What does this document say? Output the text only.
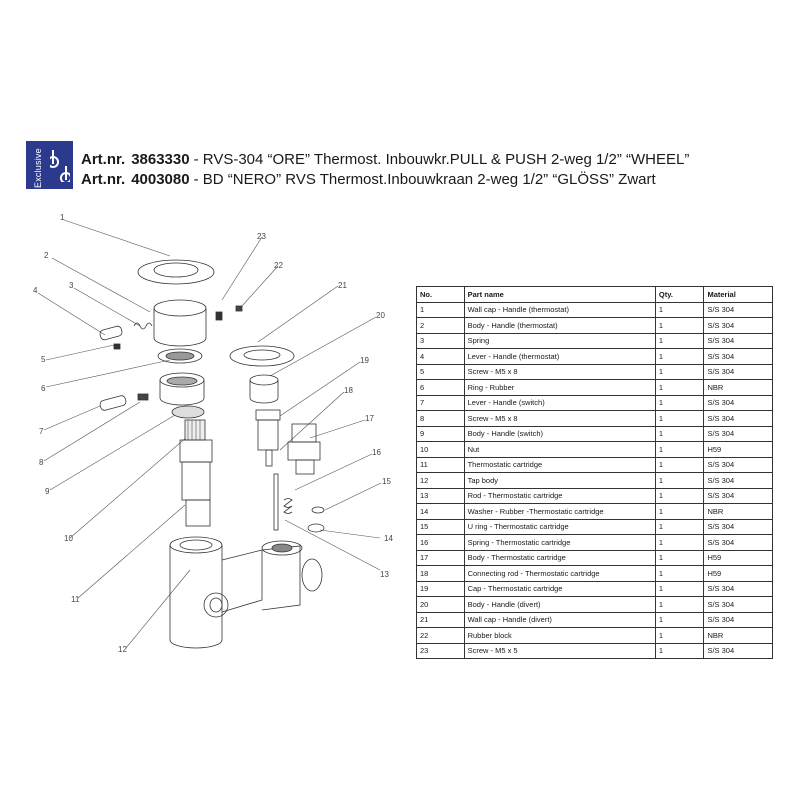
Exclusive	Art.nr. 3863330 - RVS-304 “ORE” Thermost. Inbouwkr.PULL & PUSH 2-weg 1/2” “WHEEL”
Art.nr. 4003080 - BD “NERO” RVS Thermost.Inbouwkraan 2-weg 1/2” “GLÖSS” Zwart
1
2
3
4
5
6
7
8
9
10
11
12
13
14
15
16
17
18
19
20
21
22
23
No.	Part name	Qty.	Material
1	Wall cap - Handle (thermostat)	1	S/S 304
2	Body - Handle (thermostat)	1	S/S 304
3	Spring	1	S/S 304
4	Lever - Handle (thermostat)	1	S/S 304
5	Screw - M5 x 8	1	S/S 304
6	Ring - Rubber	1	NBR
7	Lever - Handle (switch)	1	S/S 304
8	Screw - M5 x 8	1	S/S 304
9	Body - Handle (switch)	1	S/S 304
10	Nut	1	H59
11	Thermostatic cartridge	1	S/S 304
12	Tap body	1	S/S 304
13	Rod - Thermostatic cartridge	1	S/S 304
14	Washer - Rubber -Thermostatic cartridge	1	NBR
15	U ring - Thermostatic cartridge	1	S/S 304
16	Spring - Thermostatic cartridge	1	S/S 304
17	Body - Thermostatic cartridge	1	H59
18	Connecting rod - Thermostatic cartridge	1	H59
19	Cap - Thermostatic cartridge	1	S/S 304
20	Body - Handle (divert)	1	S/S 304
21	Wall cap - Handle (divert)	1	S/S 304
22	Rubber block	1	NBR
23	Screw - M5 x 5	1	S/S 304
